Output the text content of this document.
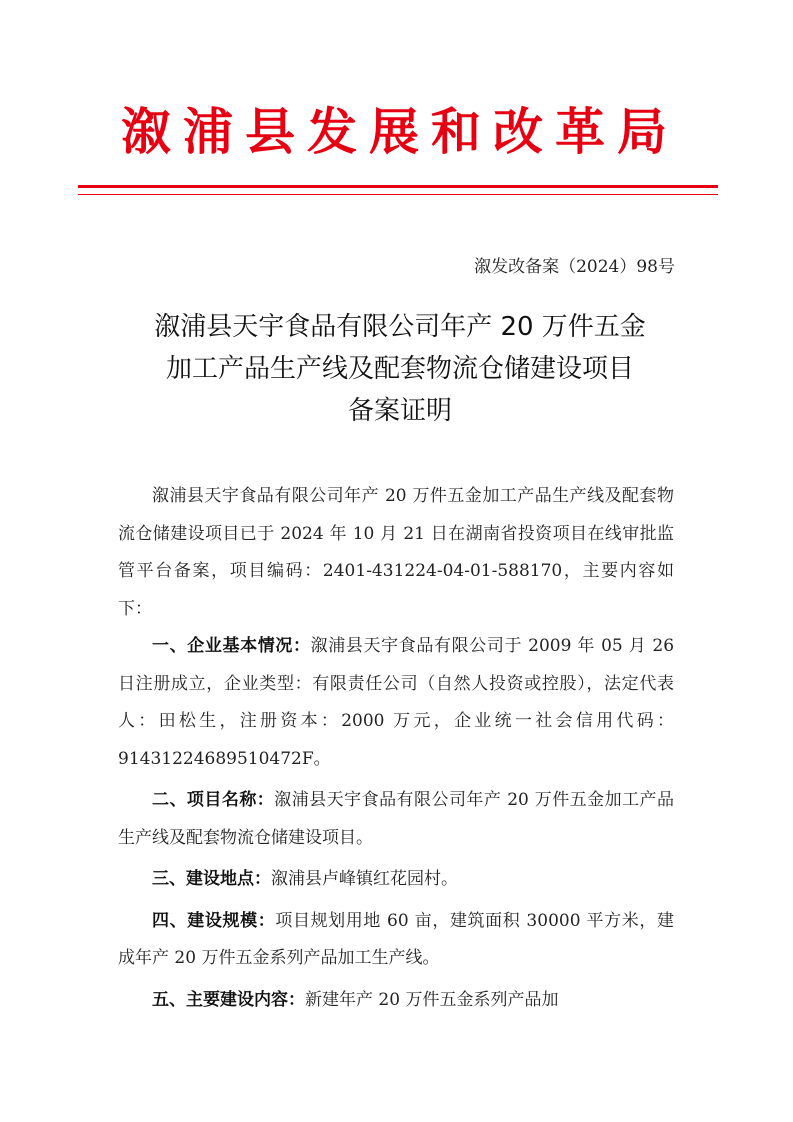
溆浦县发展和改革局
溆发改备案（2024）98号
溆浦县天宇食品有限公司年产 20 万件五金
加工产品生产线及配套物流仓储建设项目
备案证明

溆浦县天宇食品有限公司年产 20 万件五金加工产品生产线及配套物流仓储建设项目已于 2024 年 10 月 21 日在湖南省投资项目在线审批监管平台备案，项目编码：2401-431224-04-01-588170，主要内容如下：

一、企业基本情况：溆浦县天宇食品有限公司于 2009 年 05 月 26 日注册成立，企业类型：有限责任公司（自然人投资或控股），法定代表人：田松生，注册资本：2000 万元，企业统一社会信用代码：91431224689510472F。

二、项目名称：溆浦县天宇食品有限公司年产 20 万件五金加工产品生产线及配套物流仓储建设项目。

三、建设地点：溆浦县卢峰镇红花园村。

四、建设规模：项目规划用地 60 亩，建筑面积 30000 平方米，建成年产 20 万件五金系列产品加工生产线。

五、主要建设内容：新建年产 20 万件五金系列产品加
